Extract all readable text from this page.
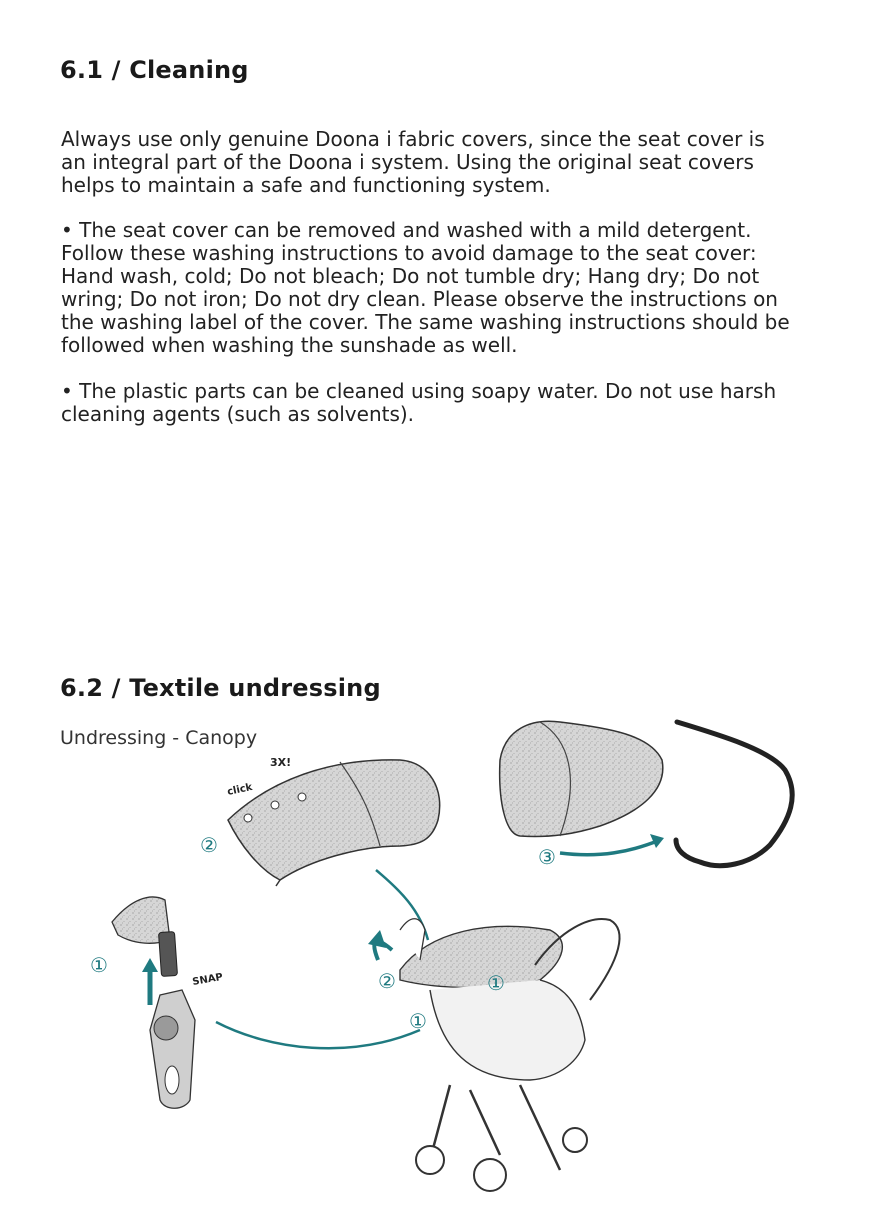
6.1 / Cleaning

Always use only genuine Doona i fabric covers, since the seat cover is an integral part of the Doona i system. Using the original seat covers helps to maintain a safe and functioning system.

• The seat cover can be removed and washed with a mild detergent. Follow these washing instructions to avoid damage to the seat cover: Hand wash, cold; Do not bleach; Do not tumble dry; Hang dry; Do not wring; Do not iron; Do not dry clean. Please observe the instructions on the washing label of the cover. The same washing instructions should be followed when washing the sunshade as well.

• The plastic parts can be cleaned using soapy water. Do not use harsh cleaning agents (such as solvents).

6.2 / Textile undressing

Undressing - Canopy

3X!
click
SNAP
②	③
①
②	①
①
